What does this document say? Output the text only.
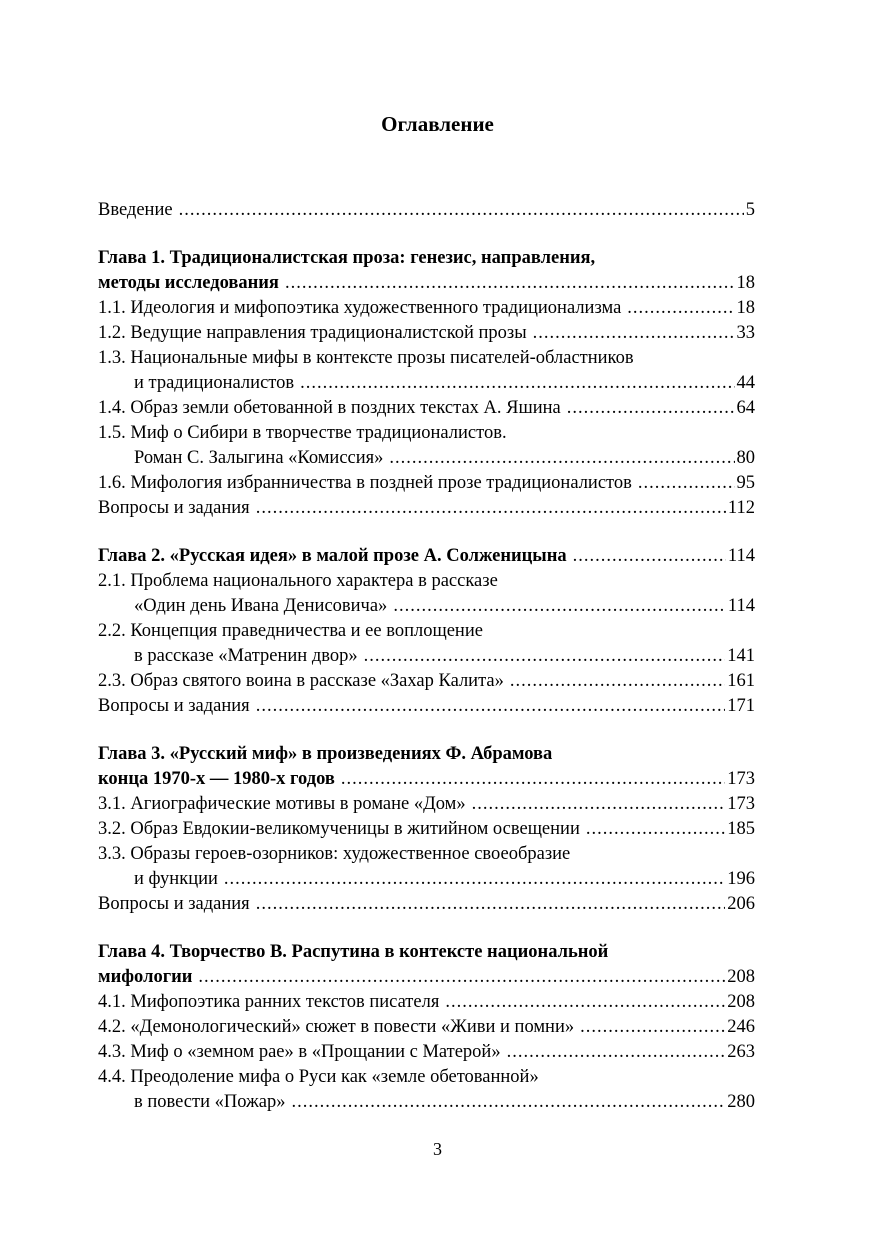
Оглавление
Введение .....	5
Глава 1. Традиционалистская проза: генезис, направления,
методы исследования .....	18
1.1. Идеология и мифопоэтика художественного традиционализма .....	18
1.2. Ведущие направления традиционалистской прозы .....	33
1.3. Национальные мифы в контексте прозы писателей-областников
и традиционалистов .....	44
1.4. Образ земли обетованной в поздних текстах А. Яшина .....	64
1.5. Миф о Сибири в творчестве традиционалистов.
Роман С. Залыгина «Комиссия» .....	80
1.6. Мифология избранничества в поздней прозе традиционалистов .....	95
Вопросы и задания .....	112
Глава 2. «Русская идея» в малой прозе А. Солженицына .....	114
2.1. Проблема национального характера в рассказе
«Один день Ивана Денисовича» .....	114
2.2. Концепция праведничества и ее воплощение
в рассказе «Матренин двор» .....	141
2.3. Образ святого воина в рассказе «Захар Калита» .....	161
Вопросы и задания .....	171
Глава 3. «Русский миф» в произведениях Ф. Абрамова
конца 1970-х — 1980-х годов .....	173
3.1. Агиографические мотивы в романе «Дом» .....	173
3.2. Образ Евдокии-великомученицы в житийном освещении .....	185
3.3. Образы героев-озорников: художественное своеобразие
и функции .....	196
Вопросы и задания .....	206
Глава 4. Творчество В. Распутина в контексте национальной
мифологии .....	208
4.1. Мифопоэтика ранних текстов писателя .....	208
4.2. «Демонологический» сюжет в повести «Живи и помни» .....	246
4.3. Миф о «земном рае» в «Прощании с Матерой» .....	263
4.4. Преодоление мифа о Руси как «земле обетованной»
в повести «Пожар» .....	280
3
